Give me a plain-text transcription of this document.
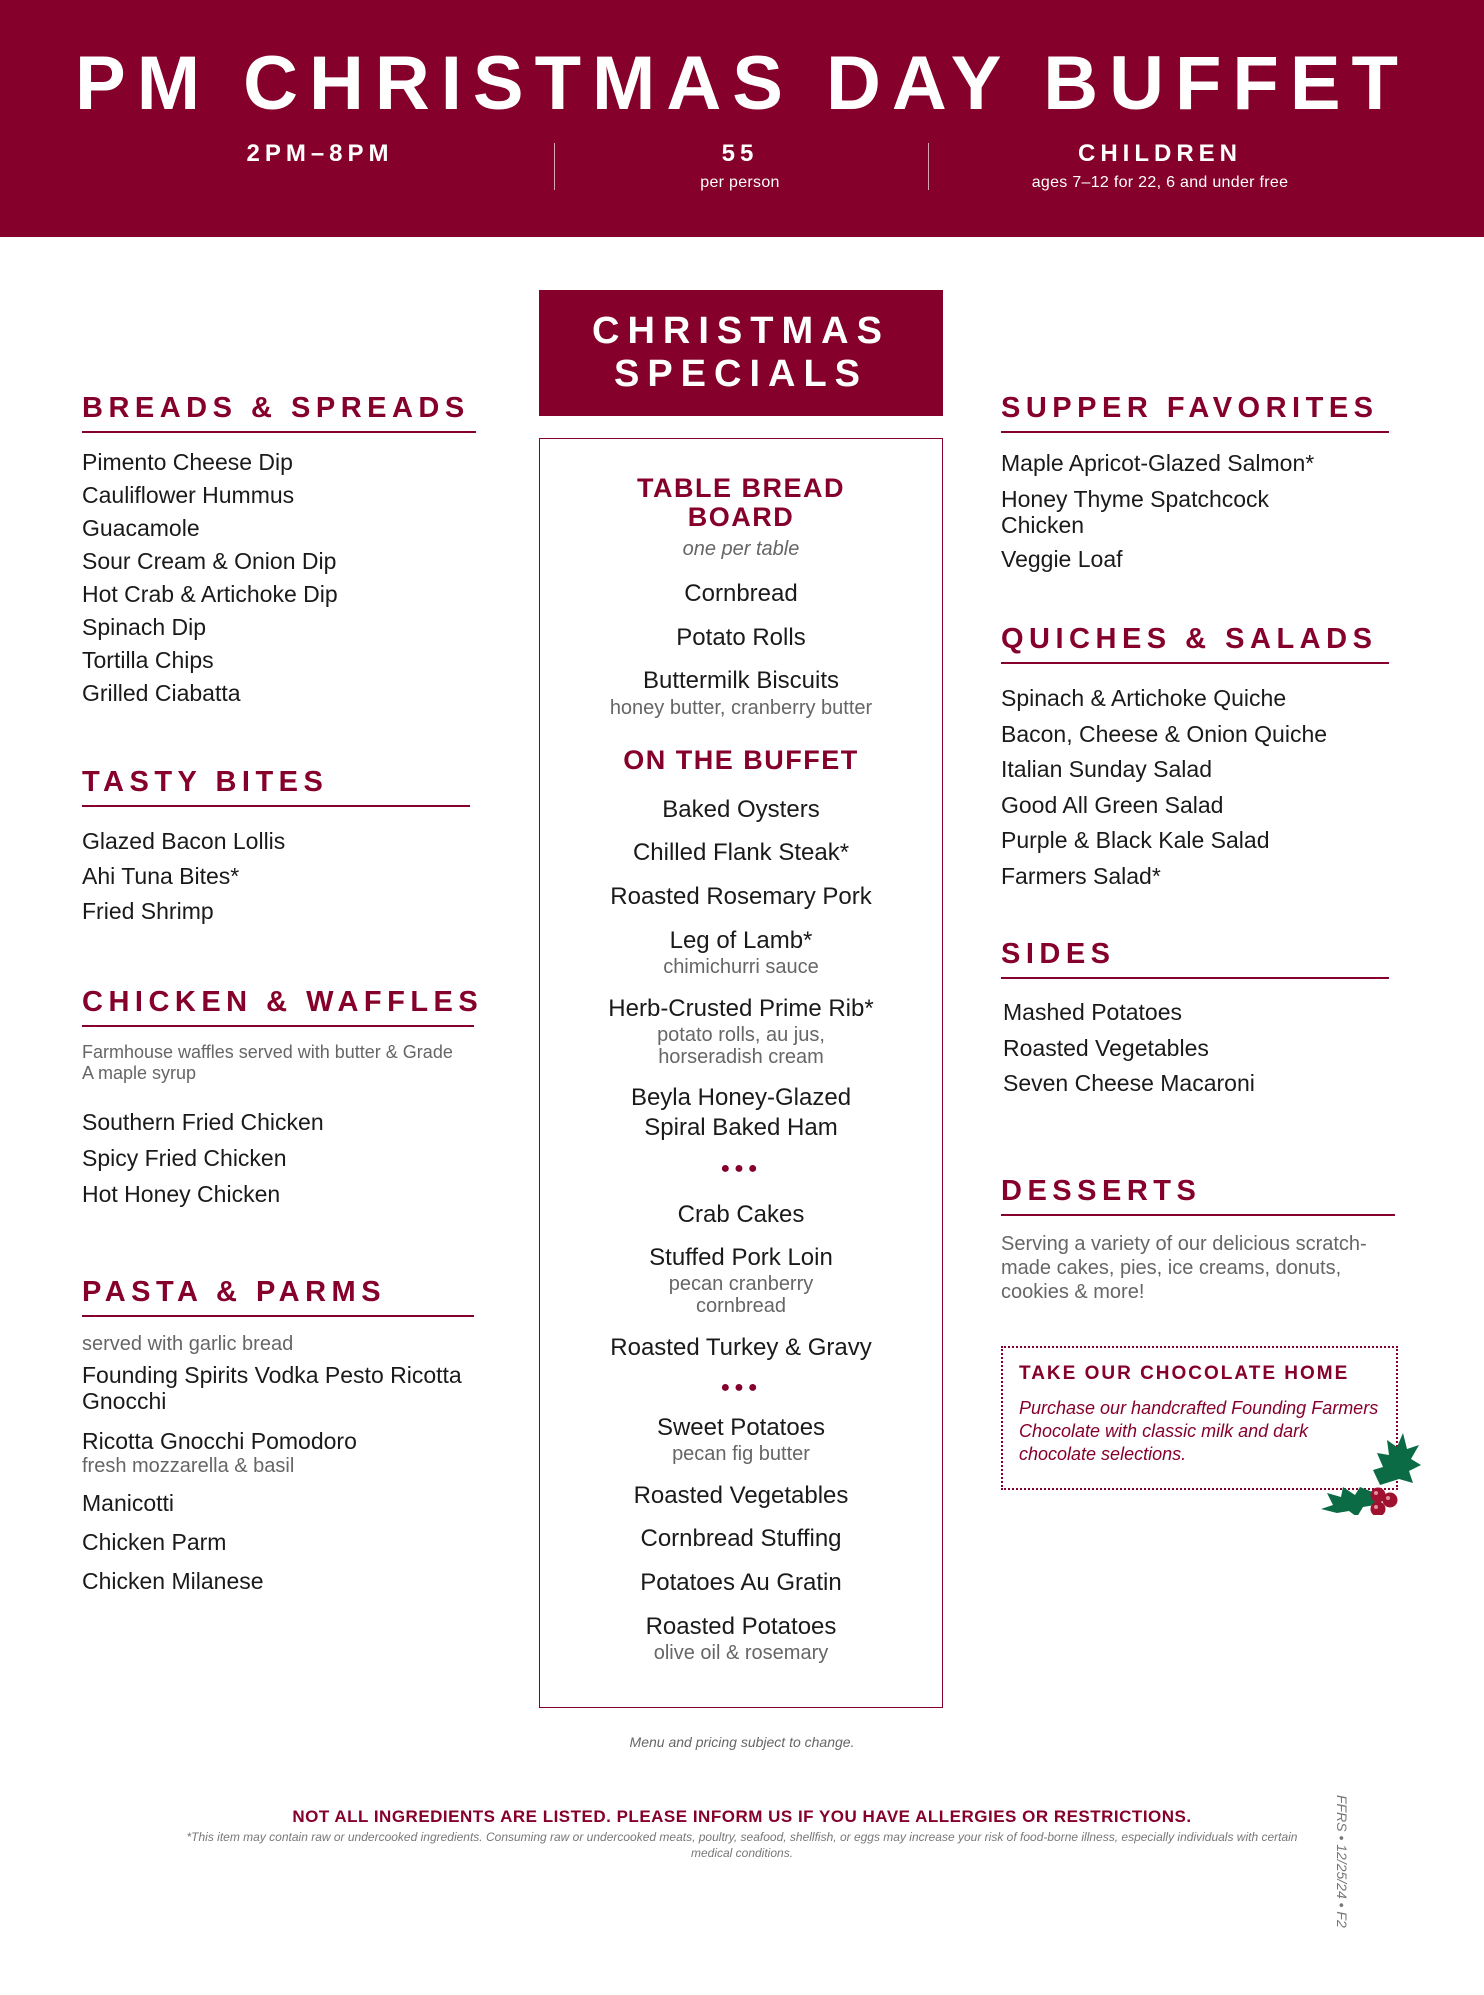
PM CHRISTMAS DAY BUFFET
2PM–8PM	55
per person
CHILDREN
ages 7–12 for 22, 6 and under free
BREADS & SPREADS
Pimento Cheese Dip
Cauliflower Hummus
Guacamole
Sour Cream & Onion Dip
Hot Crab & Artichoke Dip
Spinach Dip
Tortilla Chips
Grilled Ciabatta
TASTY BITES
Glazed Bacon Lollis
Ahi Tuna Bites*
Fried Shrimp
CHICKEN & WAFFLES
Farmhouse waffles served with butter & Grade A maple syrup
Southern Fried Chicken
Spicy Fried Chicken
Hot Honey Chicken
PASTA & PARMS
served with garlic bread
Founding Spirits Vodka Pesto Ricotta Gnocchi
Ricotta Gnocchi Pomodoro
fresh mozzarella & basil
Manicotti
Chicken Parm
Chicken Milanese
CHRISTMAS SPECIALS
TABLE BREAD BOARD
one per table
Cornbread
Potato Rolls
Buttermilk Biscuits
honey butter, cranberry butter
ON THE BUFFET
Baked Oysters
Chilled Flank Steak*
Roasted Rosemary Pork
Leg of Lamb*
chimichurri sauce
Herb-Crusted Prime Rib*
potato rolls, au jus, horseradish cream
Beyla Honey-Glazed Spiral Baked Ham
●●●
Crab Cakes
Stuffed Pork Loin
pecan cranberry cornbread
Roasted Turkey & Gravy
●●●
Sweet Potatoes
pecan fig butter
Roasted Vegetables
Cornbread Stuffing
Potatoes Au Gratin
Roasted Potatoes
olive oil & rosemary
SUPPER FAVORITES
Maple Apricot-Glazed Salmon*
Honey Thyme Spatchcock Chicken
Veggie Loaf
QUICHES & SALADS
Spinach & Artichoke Quiche
Bacon, Cheese & Onion Quiche
Italian Sunday Salad
Good All Green Salad
Purple & Black Kale Salad
Farmers Salad*
SIDES
Mashed Potatoes
Roasted Vegetables
Seven Cheese Macaroni
DESSERTS
Serving a variety of our delicious scratch-made cakes, pies, ice creams, donuts, cookies & more!
TAKE OUR CHOCOLATE HOME
Purchase our handcrafted Founding Farmers Chocolate with classic milk and dark chocolate selections.
Menu and pricing subject to change.
NOT ALL INGREDIENTS ARE LISTED. PLEASE INFORM US IF YOU HAVE ALLERGIES OR RESTRICTIONS.
*This item may contain raw or undercooked ingredients. Consuming raw or undercooked meats, poultry, seafood, shellfish, or eggs may increase your risk of food-borne illness, especially individuals with certain medical conditions.	FFRS • 12/25/24 • F2
